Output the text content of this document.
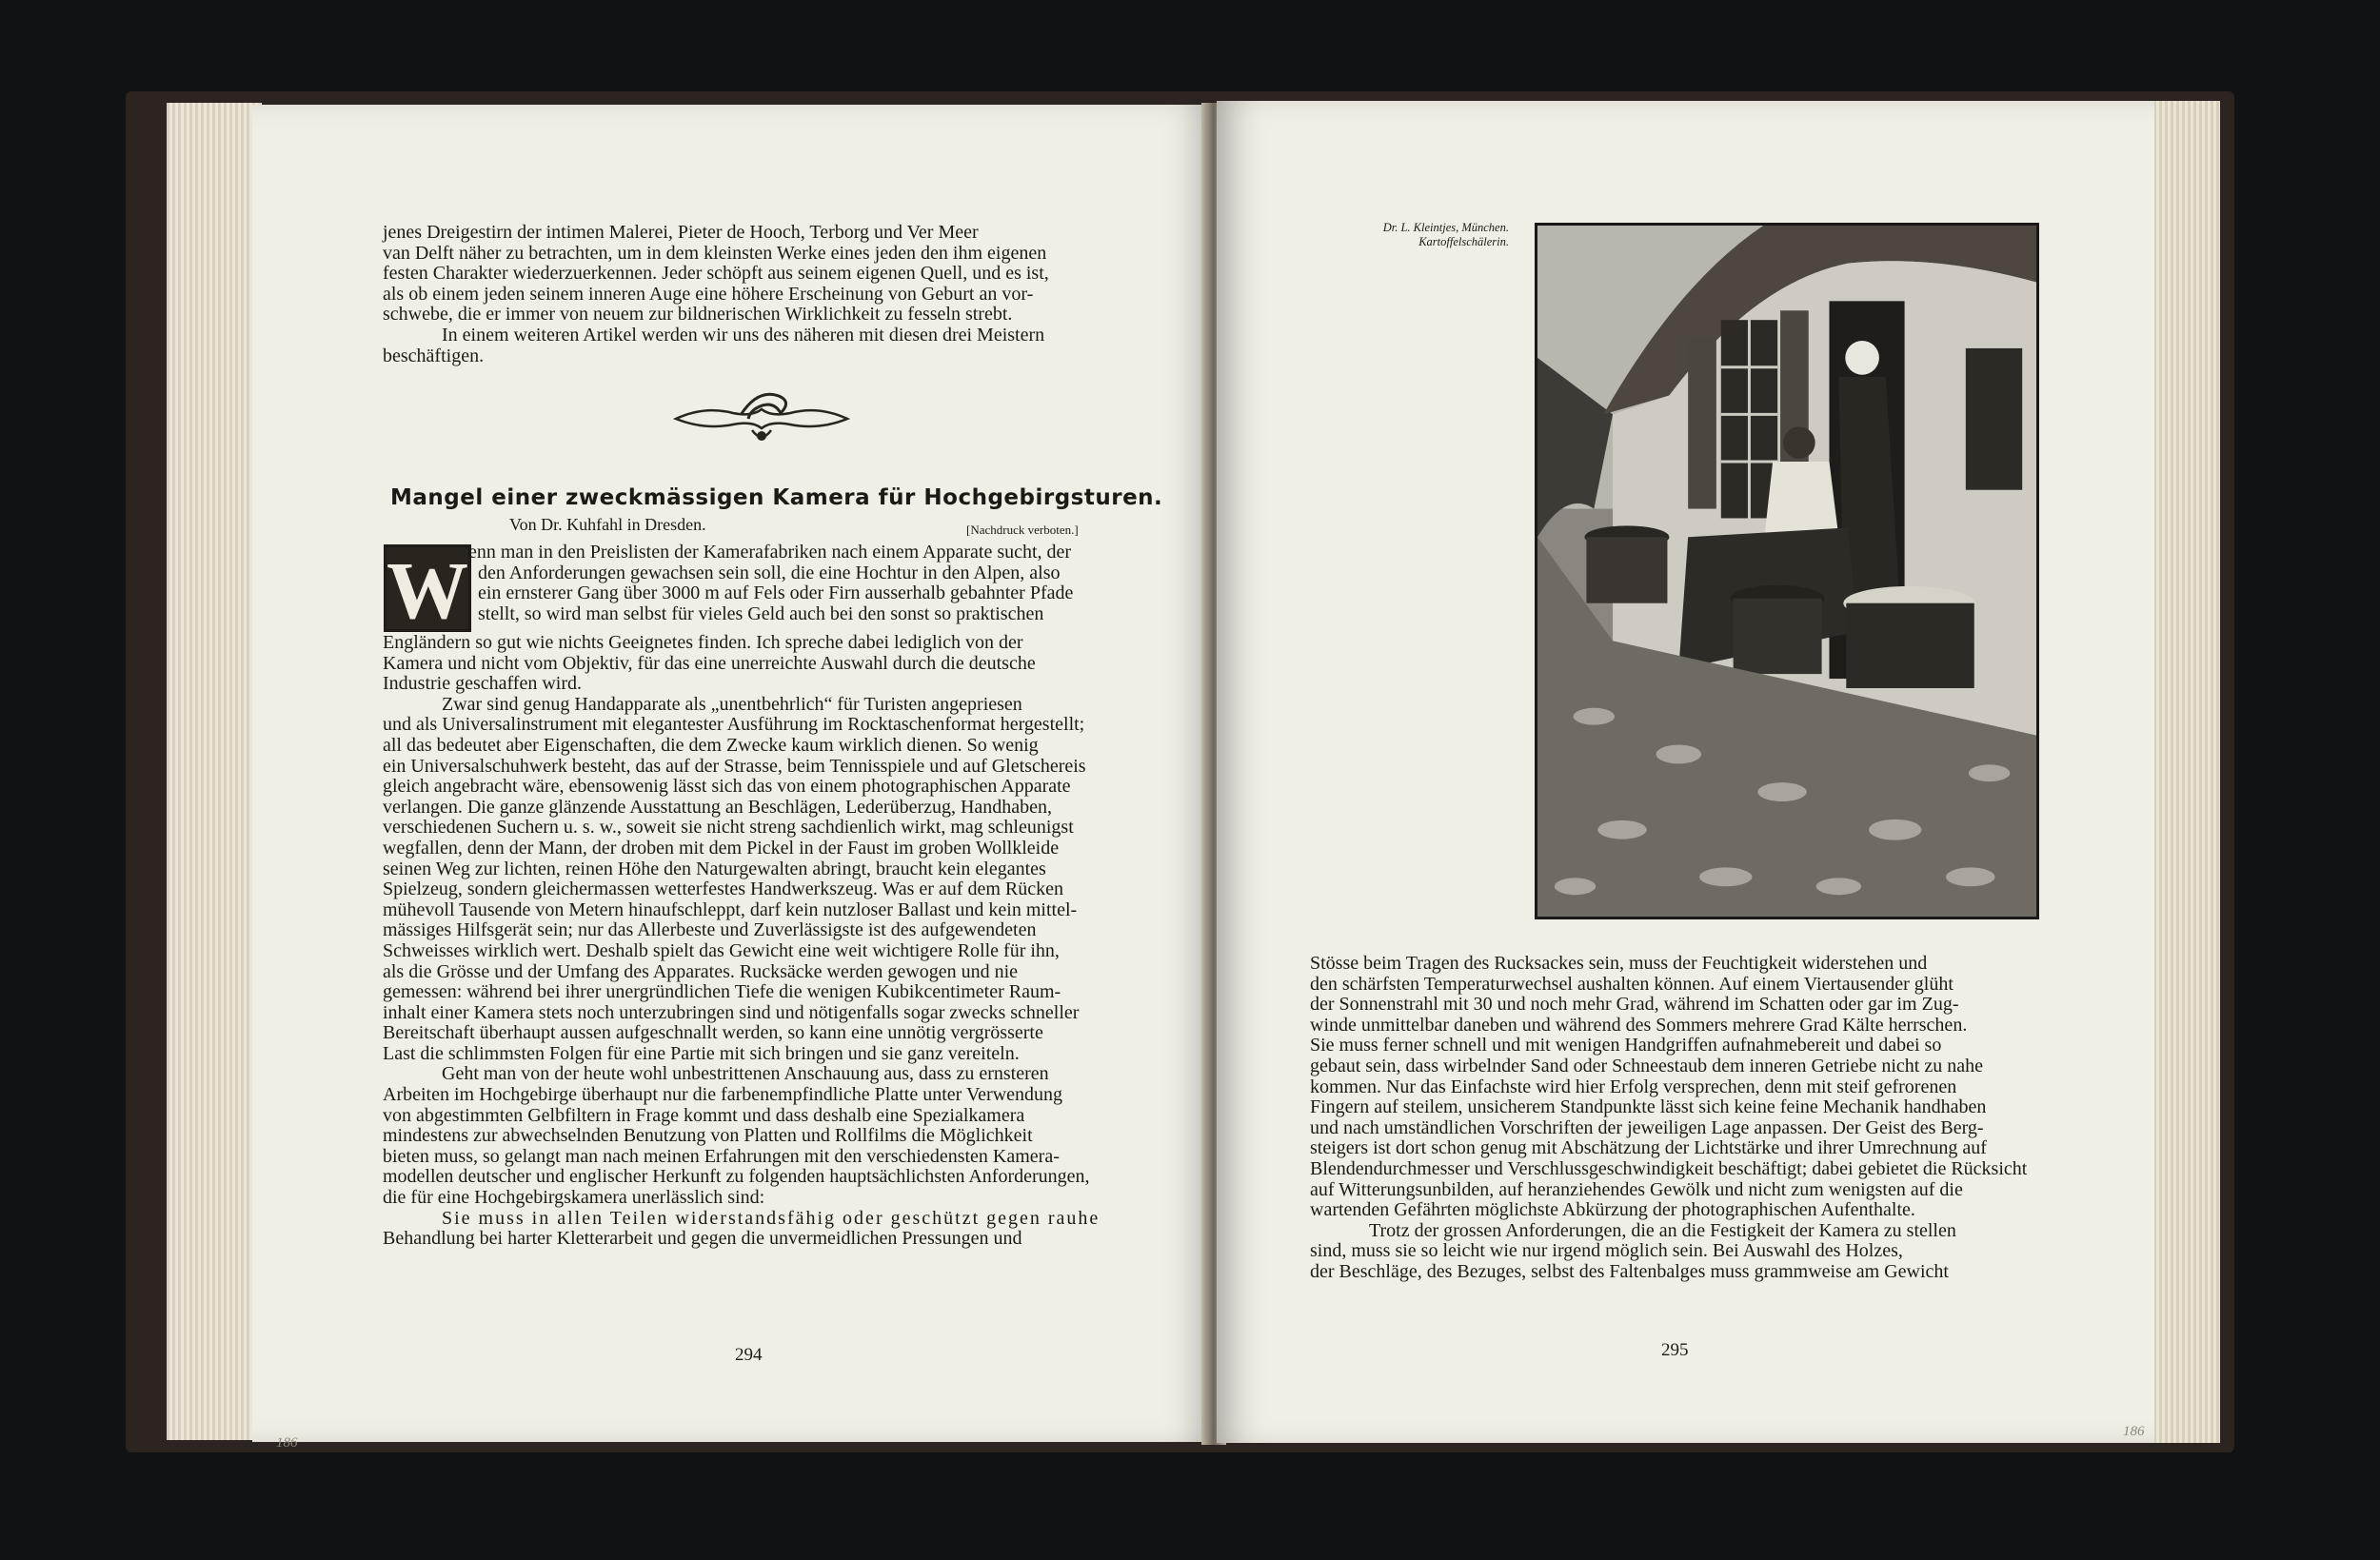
jenes Dreigestirn der intimen Malerei, Pieter de Hooch, Terborg und Ver Meer

van Delft näher zu betrachten, um in dem kleinsten Werke eines jeden den ihm eigenen

festen Charakter wiederzuerkennen. Jeder schöpft aus seinem eigenen Quell, und es ist,

als ob einem jeden seinem inneren Auge eine höhere Erscheinung von Geburt an vor-

schwebe, die er immer von neuem zur bildnerischen Wirklichkeit zu fesseln strebt.

In einem weiteren Artikel werden wir uns des näheren mit diesen drei Meistern

beschäftigen.

Mangel einer zweckmässigen Kamera für Hochgebirgsturen.
Von Dr. Kuhfahl in Dresden.	[Nachdruck verboten.]
W enn man in den Preislisten der Kamerafabriken nach einem Apparate sucht, der

den Anforderungen gewachsen sein soll, die eine Hochtur in den Alpen, also

ein ernsterer Gang über 3000 m auf Fels oder Firn ausserhalb gebahnter Pfade

stellt, so wird man selbst für vieles Geld auch bei den sonst so praktischen

Engländern so gut wie nichts Geeignetes finden. Ich spreche dabei lediglich von der

Kamera und nicht vom Objektiv, für das eine unerreichte Auswahl durch die deutsche

Industrie geschaffen wird.

Zwar sind genug Handapparate als „unentbehrlich“ für Turisten angepriesen

und als Universalinstrument mit elegantester Ausführung im Rocktaschenformat hergestellt;

all das bedeutet aber Eigenschaften, die dem Zwecke kaum wirklich dienen. So wenig

ein Universalschuhwerk besteht, das auf der Strasse, beim Tennisspiele und auf Gletschereis

gleich angebracht wäre, ebensowenig lässt sich das von einem photographischen Apparate

verlangen. Die ganze glänzende Ausstattung an Beschlägen, Lederüberzug, Handhaben,

verschiedenen Suchern u. s. w., soweit sie nicht streng sachdienlich wirkt, mag schleunigst

wegfallen, denn der Mann, der droben mit dem Pickel in der Faust im groben Wollkleide

seinen Weg zur lichten, reinen Höhe den Naturgewalten abringt, braucht kein elegantes

Spielzeug, sondern gleichermassen wetterfestes Handwerkszeug. Was er auf dem Rücken

mühevoll Tausende von Metern hinaufschleppt, darf kein nutzloser Ballast und kein mittel-

mässiges Hilfsgerät sein; nur das Allerbeste und Zuverlässigste ist des aufgewendeten

Schweisses wirklich wert. Deshalb spielt das Gewicht eine weit wichtigere Rolle für ihn,

als die Grösse und der Umfang des Apparates. Rucksäcke werden gewogen und nie

gemessen: während bei ihrer unergründlichen Tiefe die wenigen Kubikcentimeter Raum-

inhalt einer Kamera stets noch unterzubringen sind und nötigenfalls sogar zwecks schneller

Bereitschaft überhaupt aussen aufgeschnallt werden, so kann eine unnötig vergrösserte

Last die schlimmsten Folgen für eine Partie mit sich bringen und sie ganz vereiteln.

Geht man von der heute wohl unbestrittenen Anschauung aus, dass zu ernsteren

Arbeiten im Hochgebirge überhaupt nur die farbenempfindliche Platte unter Verwendung

von abgestimmten Gelbfiltern in Frage kommt und dass deshalb eine Spezialkamera

mindestens zur abwechselnden Benutzung von Platten und Rollfilms die Möglichkeit

bieten muss, so gelangt man nach meinen Erfahrungen mit den verschiedensten Kamera-

modellen deutscher und englischer Herkunft zu folgenden hauptsächlichsten Anforderungen,

die für eine Hochgebirgskamera unerlässlich sind:

Sie muss in allen Teilen widerstandsfähig oder geschützt gegen rauhe

Behandlung bei harter Kletterarbeit und gegen die unvermeidlichen Pressungen und

294
186
Dr. L. Kleintjes, München.
Kartoffelschälerin.

Stösse beim Tragen des Rucksackes sein, muss der Feuchtigkeit widerstehen und

den schärfsten Temperaturwechsel aushalten können. Auf einem Viertausender glüht

der Sonnenstrahl mit 30 und noch mehr Grad, während im Schatten oder gar im Zug-

winde unmittelbar daneben und während des Sommers mehrere Grad Kälte herrschen.

Sie muss ferner schnell und mit wenigen Handgriffen aufnahmebereit und dabei so

gebaut sein, dass wirbelnder Sand oder Schneestaub dem inneren Getriebe nicht zu nahe

kommen. Nur das Einfachste wird hier Erfolg versprechen, denn mit steif gefrorenen

Fingern auf steilem, unsicherem Standpunkte lässt sich keine feine Mechanik handhaben

und nach umständlichen Vorschriften der jeweiligen Lage anpassen. Der Geist des Berg-

steigers ist dort schon genug mit Abschätzung der Lichtstärke und ihrer Umrechnung auf

Blendendurchmesser und Verschlussgeschwindigkeit beschäftigt; dabei gebietet die Rücksicht

auf Witterungsunbilden, auf heranziehendes Gewölk und nicht zum wenigsten auf die

wartenden Gefährten möglichste Abkürzung der photographischen Aufenthalte.

Trotz der grossen Anforderungen, die an die Festigkeit der Kamera zu stellen

sind, muss sie so leicht wie nur irgend möglich sein. Bei Auswahl des Holzes,

der Beschläge, des Bezuges, selbst des Faltenbalges muss grammweise am Gewicht

295
186
